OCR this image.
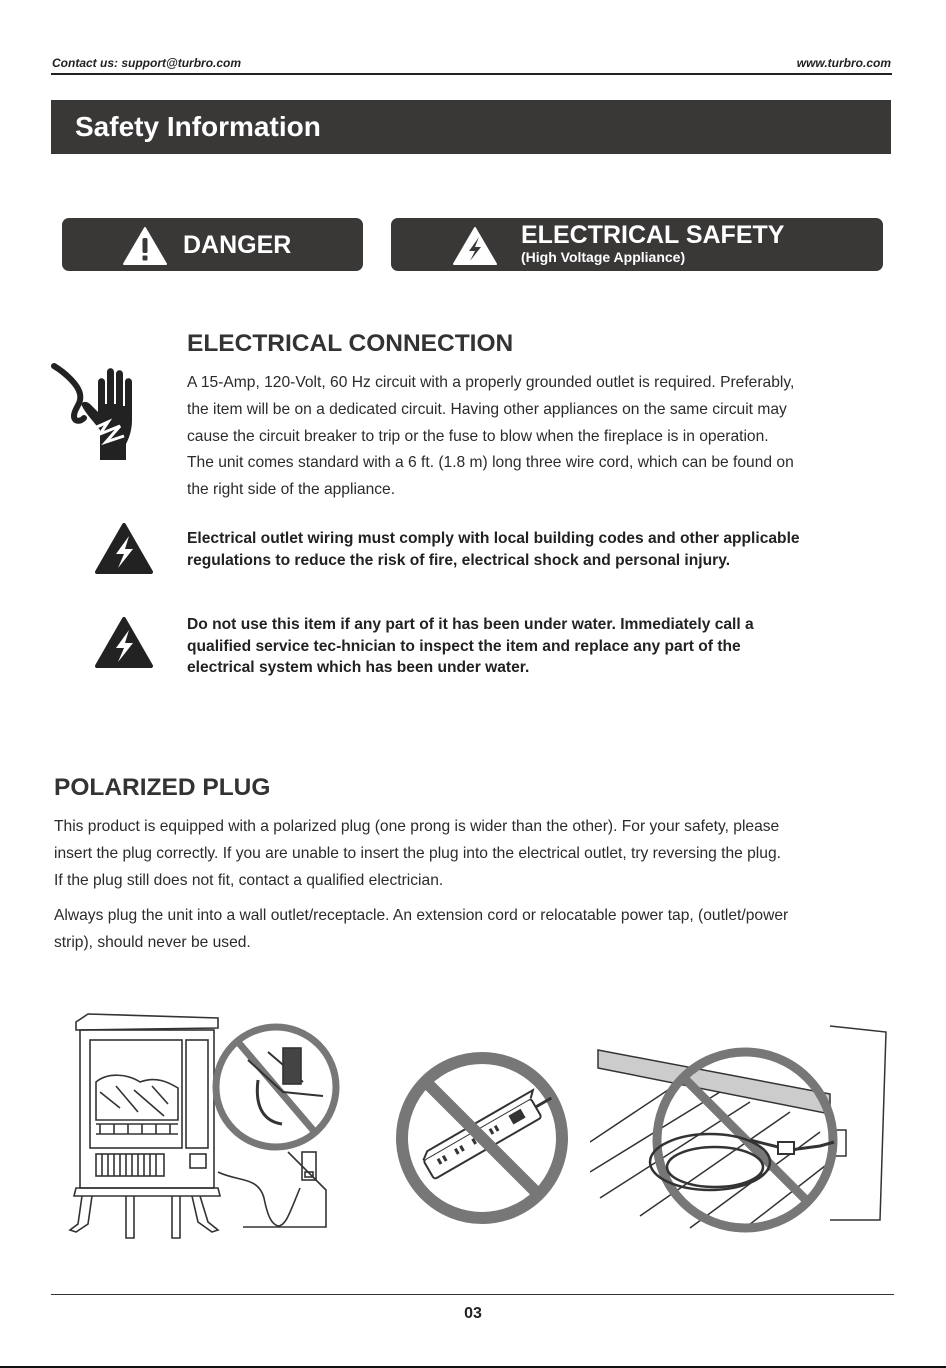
Contact us: support@turbro.com	www.turbro.com
Safety Information
DANGER	ELECTRICAL SAFETY
(High Voltage Appliance)
ELECTRICAL CONNECTION
A 15-Amp, 120-Volt, 60 Hz circuit with a properly grounded outlet is required. Preferably,
the item will be on a dedicated circuit. Having other appliances on the same circuit may
cause the circuit breaker to trip or the fuse to blow when the fireplace is in operation.
The unit comes standard with a 6 ft. (1.8 m) long three wire cord, which can be found on
the right side of the appliance.
Electrical outlet wiring must comply with local building codes and other applicable
regulations to reduce the risk of fire, electrical shock and personal injury.
Do not use this item if any part of it has been under water. Immediately call a
qualified service tec-hnician to inspect the item and replace any part of the
electrical system which has been under water.
POLARIZED PLUG
This product is equipped with a polarized plug (one prong is wider than the other). For your safety, please
insert the plug correctly. If you are unable to insert the plug into the electrical outlet, try reversing the plug.
If the plug still does not fit, contact a qualified electrician.
Always plug the unit into a wall outlet/receptacle. An extension cord or relocatable power tap, (outlet/power
strip), should never be used.
03
